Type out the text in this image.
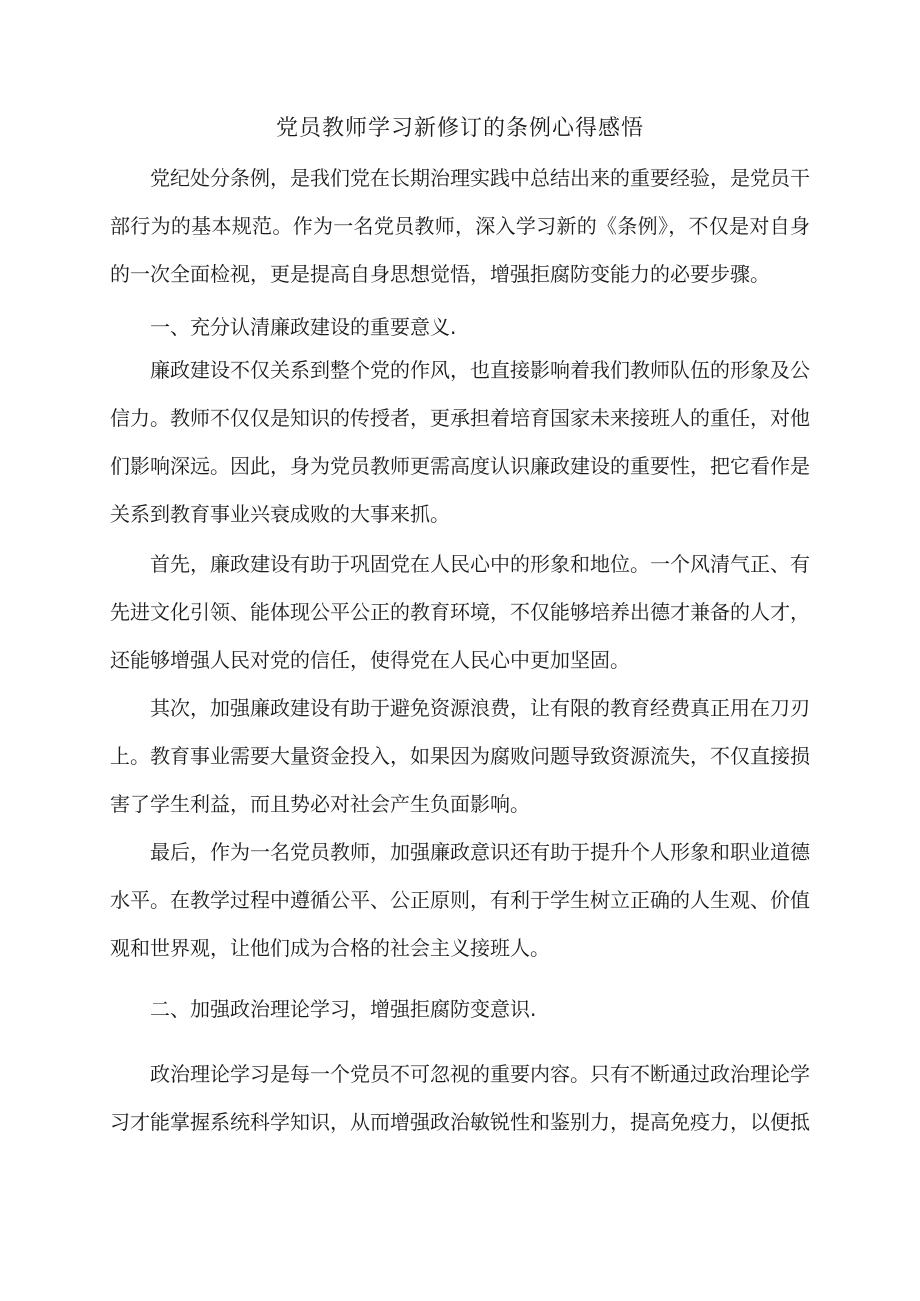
党员教师学习新修订的条例心得感悟

党纪处分条例，是我们党在长期治理实践中总结出来的重要经验，是党员干部行为的基本规范。作为一名党员教师，深入学习新的《条例》，不仅是对自身的一次全面检视，更是提高自身思想觉悟，增强拒腐防变能力的必要步骤。

一、充分认清廉政建设的重要意义.

廉政建设不仅关系到整个党的作风，也直接影响着我们教师队伍的形象及公信力。教师不仅仅是知识的传授者，更承担着培育国家未来接班人的重任，对他们影响深远。因此，身为党员教师更需高度认识廉政建设的重要性，把它看作是关系到教育事业兴衰成败的大事来抓。

首先，廉政建设有助于巩固党在人民心中的形象和地位。一个风清气正、有先进文化引领、能体现公平公正的教育环境，不仅能够培养出德才兼备的人才，还能够增强人民对党的信任，使得党在人民心中更加坚固。

其次，加强廉政建设有助于避免资源浪费，让有限的教育经费真正用在刀刃上。教育事业需要大量资金投入，如果因为腐败问题导致资源流失，不仅直接损害了学生利益，而且势必对社会产生负面影响。

最后，作为一名党员教师，加强廉政意识还有助于提升个人形象和职业道德水平。在教学过程中遵循公平、公正原则，有利于学生树立正确的人生观、价值观和世界观，让他们成为合格的社会主义接班人。

二、加强政治理论学习，增强拒腐防变意识.

政治理论学习是每一个党员不可忽视的重要内容。只有不断通过政治理论学习才能掌握系统科学知识，从而增强政治敏锐性和鉴别力，提高免疫力，以便抵
